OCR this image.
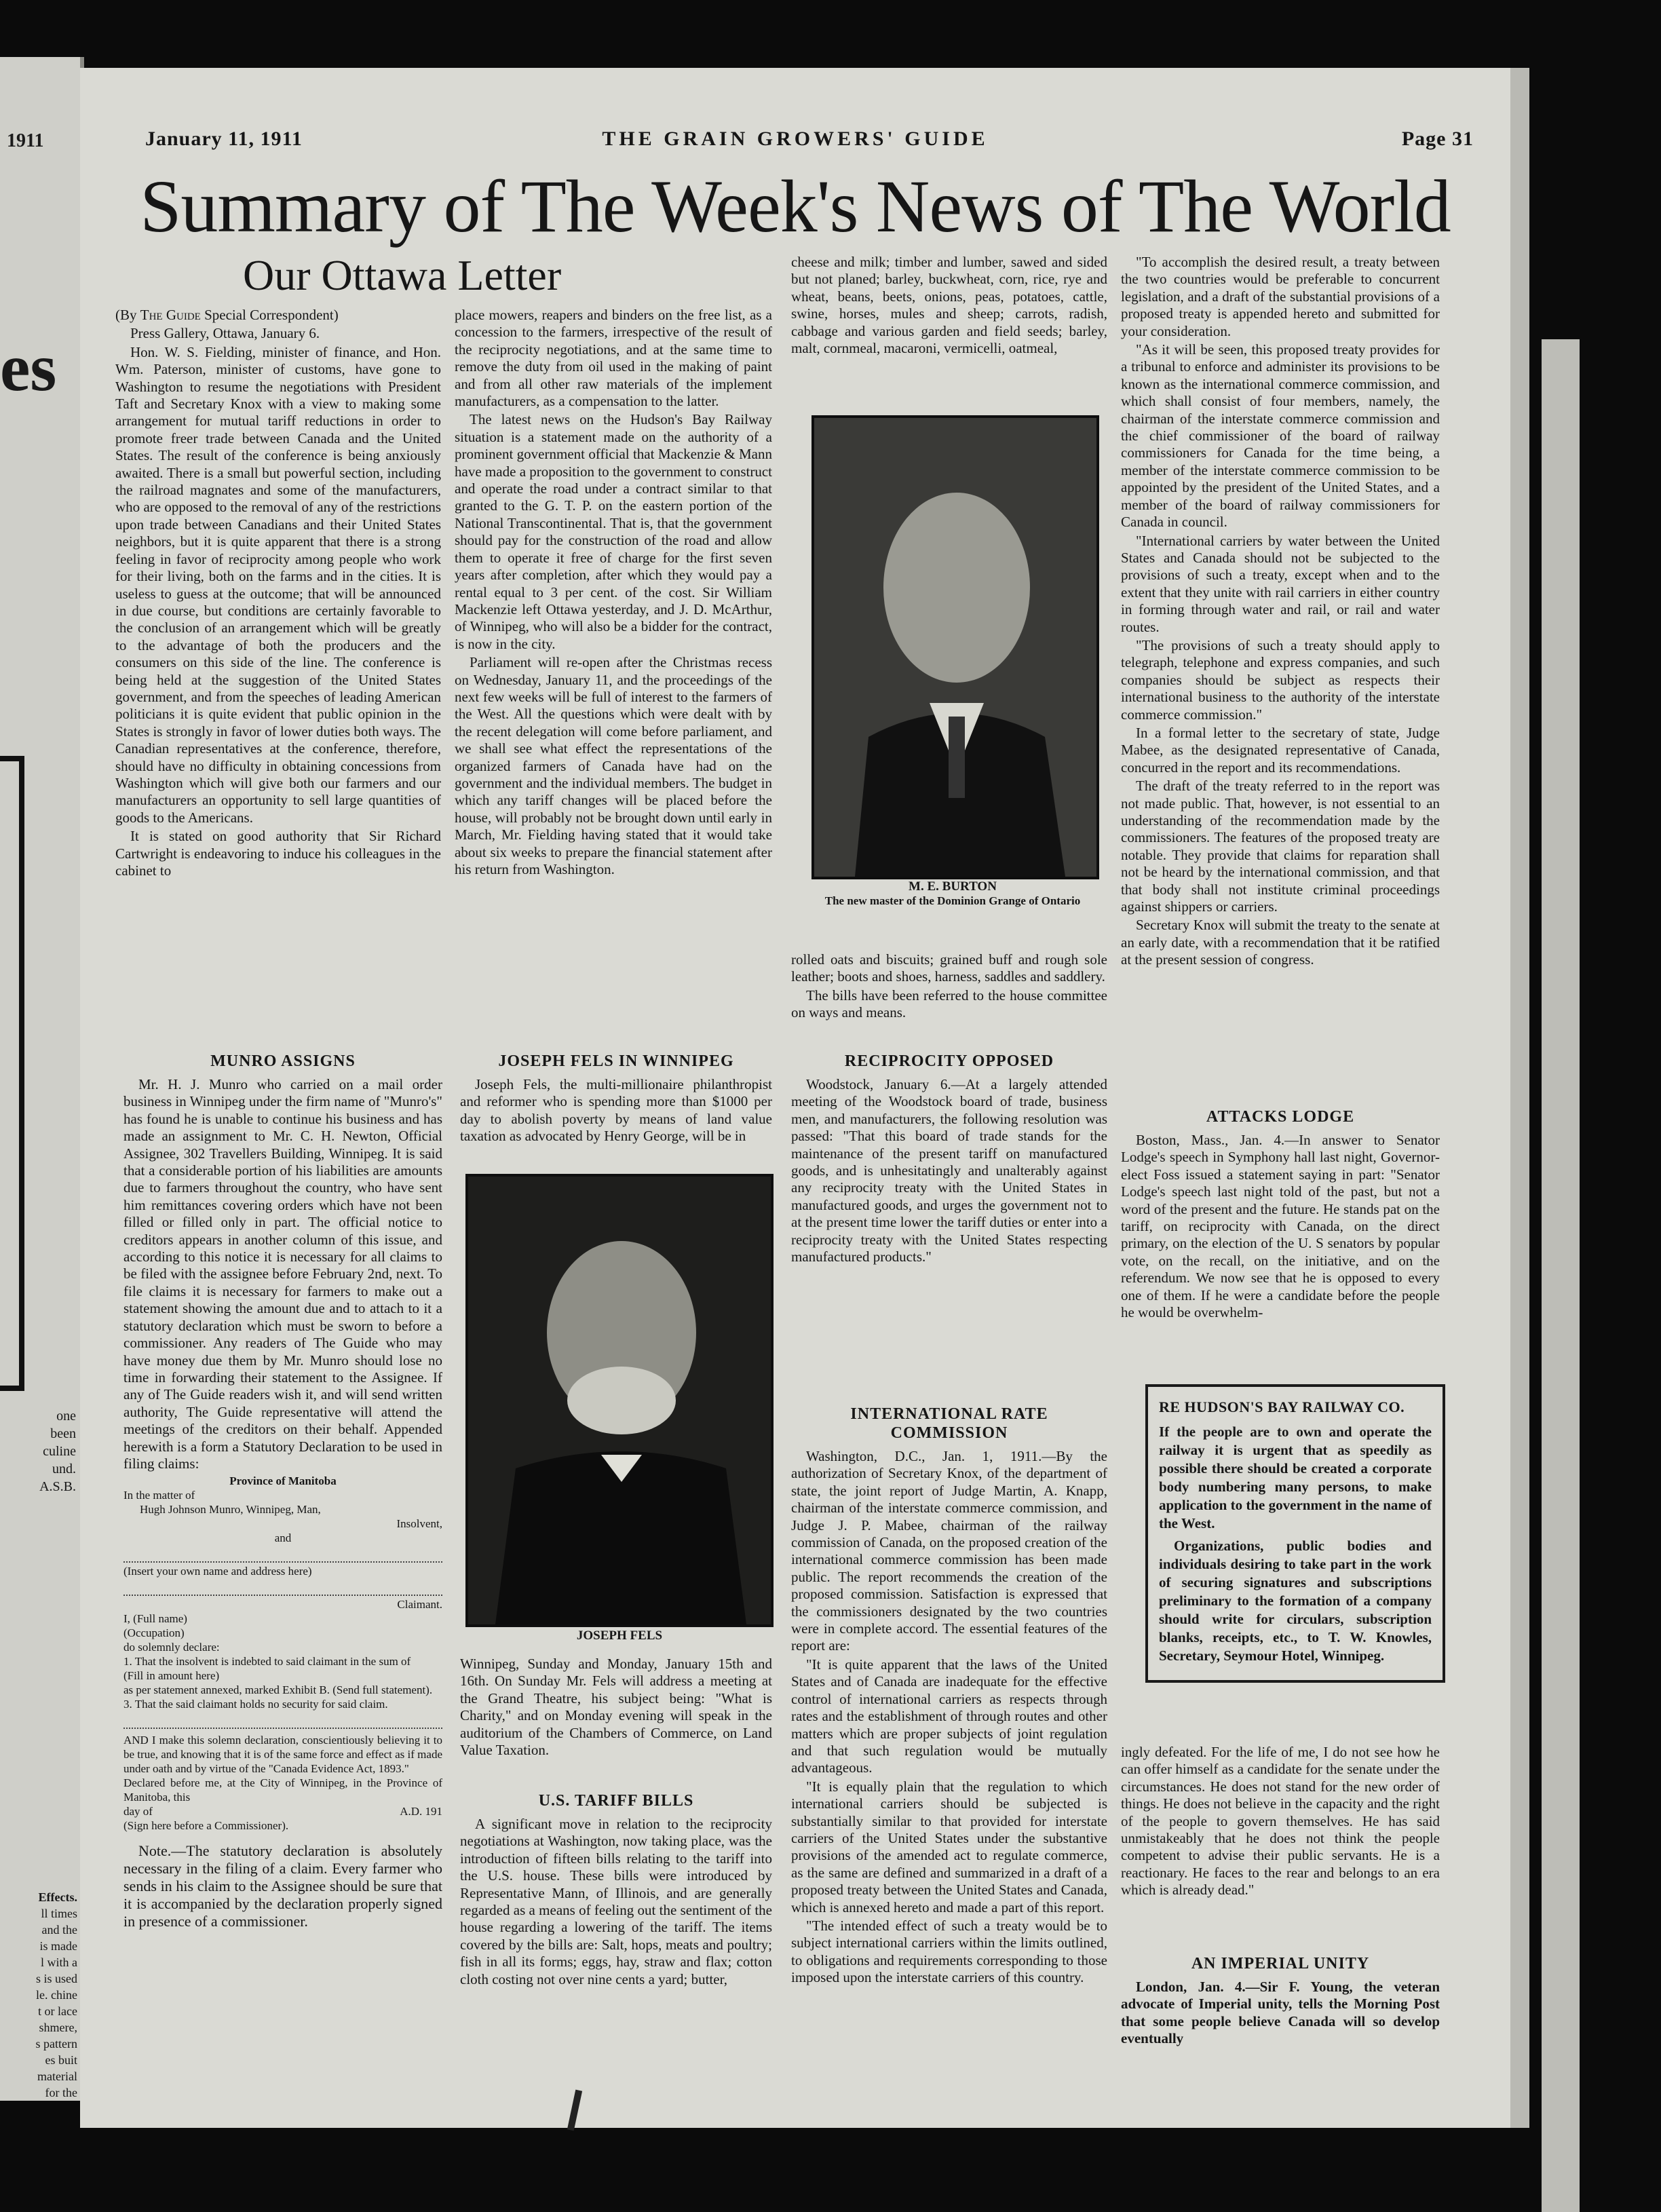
1911
es
one
been
culine
und.
A.S.B.
Effects.
ll times
and the
is made
l with a
s is used
le. chine
t or lace
shmere,
s pattern
es buit
material
for the
January 11, 1911	THE GRAIN GROWERS' GUIDE	Page 31
Summary of The Week's News of The World
Our Ottawa Letter

(By The Guide Special Correspondent)

Press Gallery, Ottawa, January 6.

Hon. W. S. Fielding, minister of finance, and Hon. Wm. Paterson, minister of customs, have gone to Washington to resume the negotiations with President Taft and Secretary Knox with a view to making some arrangement for mutual tariff reductions in order to promote freer trade between Canada and the United States. The result of the conference is being anxiously awaited. There is a small but powerful section, including the railroad magnates and some of the manufacturers, who are opposed to the removal of any of the restrictions upon trade between Canadians and their United States neighbors, but it is quite apparent that there is a strong feeling in favor of reciprocity among people who work for their living, both on the farms and in the cities. It is useless to guess at the outcome; that will be announced in due course, but conditions are certainly favorable to the conclusion of an arrangement which will be greatly to the advantage of both the producers and the consumers on this side of the line. The conference is being held at the suggestion of the United States government, and from the speeches of leading American politicians it is quite evident that public opinion in the States is strongly in favor of lower duties both ways. The Canadian representatives at the conference, therefore, should have no difficulty in obtaining concessions from Washington which will give both our farmers and our manufacturers an opportunity to sell large quantities of goods to the Americans.

It is stated on good authority that Sir Richard Cartwright is endeavoring to induce his colleagues in the cabinet to

place mowers, reapers and binders on the free list, as a concession to the farmers, irrespective of the result of the reciprocity negotiations, and at the same time to remove the duty from oil used in the making of paint and from all other raw materials of the implement manufacturers, as a compensation to the latter.

The latest news on the Hudson's Bay Railway situation is a statement made on the authority of a prominent government official that Mackenzie & Mann have made a proposition to the government to construct and operate the road under a contract similar to that granted to the G. T. P. on the eastern portion of the National Transcontinental. That is, that the government should pay for the construction of the road and allow them to operate it free of charge for the first seven years after completion, after which they would pay a rental equal to 3 per cent. of the cost. Sir William Mackenzie left Ottawa yesterday, and J. D. McArthur, of Winnipeg, who will also be a bidder for the contract, is now in the city.

Parliament will re-open after the Christmas recess on Wednesday, January 11, and the proceedings of the next few weeks will be full of interest to the farmers of the West. All the questions which were dealt with by the recent delegation will come before parliament, and we shall see what effect the representations of the organized farmers of Canada have had on the government and the individual members. The budget in which any tariff changes will be placed before the house, will probably not be brought down until early in March, Mr. Fielding having stated that it would take about six weeks to prepare the financial statement after his return from Washington.

cheese and milk; timber and lumber, sawed and sided but not planed; barley, buckwheat, corn, rice, rye and wheat, beans, beets, onions, peas, potatoes, cattle, swine, horses, mules and sheep; carrots, radish, cabbage and various garden and field seeds; barley, malt, cornmeal, macaroni, vermicelli, oatmeal,

M. E. BURTON
The new master of the Dominion Grange of Ontario

rolled oats and biscuits; grained buff and rough sole leather; boots and shoes, harness, saddles and saddlery.

The bills have been referred to the house committee on ways and means.

RECIPROCITY OPPOSED

Woodstock, January 6.—At a largely attended meeting of the Woodstock board of trade, business men, and manufacturers, the following resolution was passed: "That this board of trade stands for the maintenance of the present tariff on manufactured goods, and is unhesitatingly and unalterably against any reciprocity treaty with the United States in manufactured goods, and urges the government not to at the present time lower the tariff duties or enter into a reciprocity treaty with the United States respecting manufactured products."

INTERNATIONAL RATE COMMISSION

Washington, D.C., Jan. 1, 1911.—By the authorization of Secretary Knox, of the department of state, the joint report of Judge Martin, A. Knapp, chairman of the interstate commerce commission, and Judge J. P. Mabee, chairman of the railway commission of Canada, on the proposed creation of the international commerce commission has been made public. The report recommends the creation of the proposed commission. Satisfaction is expressed that the commissioners designated by the two countries were in complete accord. The essential features of the report are:

"It is quite apparent that the laws of the United States and of Canada are inadequate for the effective control of international carriers as respects through rates and the establishment of through routes and other matters which are proper subjects of joint regulation and that such regulation would be mutually advantageous.

"It is equally plain that the regulation to which international carriers should be subjected is substantially similar to that provided for interstate carriers of the United States under the substantive provisions of the amended act to regulate commerce, as the same are defined and summarized in a draft of a proposed treaty between the United States and Canada, which is annexed hereto and made a part of this report.

"The intended effect of such a treaty would be to subject international carriers within the limits outlined, to obligations and requirements corresponding to those imposed upon the interstate carriers of this country.

"To accomplish the desired result, a treaty between the two countries would be preferable to concurrent legislation, and a draft of the substantial provisions of a proposed treaty is appended hereto and submitted for your consideration.

"As it will be seen, this proposed treaty provides for a tribunal to enforce and administer its provisions to be known as the international commerce commission, and which shall consist of four members, namely, the chairman of the interstate commerce commission and the chief commissioner of the board of railway commissioners for Canada for the time being, a member of the interstate commerce commission to be appointed by the president of the United States, and a member of the board of railway commissioners for Canada in council.

"International carriers by water between the United States and Canada should not be subjected to the provisions of such a treaty, except when and to the extent that they unite with rail carriers in either country in forming through water and rail, or rail and water routes.

"The provisions of such a treaty should apply to telegraph, telephone and express companies, and such companies should be subject as respects their international business to the authority of the interstate commerce commission."

In a formal letter to the secretary of state, Judge Mabee, as the designated representative of Canada, concurred in the report and its recommendations.

The draft of the treaty referred to in the report was not made public. That, however, is not essential to an understanding of the recommendation made by the commissioners. The features of the proposed treaty are notable. They provide that claims for reparation shall not be heard by the international commission, and that that body shall not institute criminal proceedings against shippers or carriers.

Secretary Knox will submit the treaty to the senate at an early date, with a recommendation that it be ratified at the present session of congress.

ATTACKS LODGE

Boston, Mass., Jan. 4.—In answer to Senator Lodge's speech in Symphony hall last night, Governor-elect Foss issued a statement saying in part: "Senator Lodge's speech last night told of the past, but not a word of the present and the future. He stands pat on the tariff, on reciprocity with Canada, on the direct primary, on the election of the U. S senators by popular vote, on the recall, on the initiative, and on the referendum. We now see that he is opposed to every one of them. If he were a candidate before the people he would be overwhelm-

RE HUDSON'S BAY RAILWAY CO.

If the people are to own and operate the railway it is urgent that as speedily as possible there should be created a corporate body numbering many persons, to make application to the government in the name of the West.

Organizations, public bodies and individuals desiring to take part in the work of securing signatures and subscriptions preliminary to the formation of a company should write for circulars, subscription blanks, receipts, etc., to T. W. Knowles, Secretary, Seymour Hotel, Winnipeg.

ingly defeated. For the life of me, I do not see how he can offer himself as a candidate for the senate under the circumstances. He does not stand for the new order of things. He does not believe in the capacity and the right of the people to govern themselves. He has said unmistakeably that he does not think the people competent to advise their public servants. He is a reactionary. He faces to the rear and belongs to an era which is already dead."

AN IMPERIAL UNITY

London, Jan. 4.—Sir F. Young, the veteran advocate of Imperial unity, tells the Morning Post that some people believe Canada will so develop eventually

MUNRO ASSIGNS

Mr. H. J. Munro who carried on a mail order business in Winnipeg under the firm name of "Munro's" has found he is unable to continue his business and has made an assignment to Mr. C. H. Newton, Official Assignee, 302 Travellers Building, Winnipeg. It is said that a considerable portion of his liabilities are amounts due to farmers throughout the country, who have sent him remittances covering orders which have not been filled or filled only in part. The official notice to creditors appears in another column of this issue, and according to this notice it is necessary for all claims to be filed with the assignee before February 2nd, next. To file claims it is necessary for farmers to make out a statement showing the amount due and to attach to it a statutory declaration which must be sworn to before a commissioner. Any readers of The Guide who may have money due them by Mr. Munro should lose no time in forwarding their statement to the Assignee. If any of The Guide readers wish it, and will send written authority, The Guide representative will attend the meetings of the creditors on their behalf. Appended herewith is a form a Statutory Declaration to be used in filing claims:

Province of Manitoba
In the matter of
Hugh Johnson Munro, Winnipeg, Man,
Insolvent,
and
(Insert your own name and address here)
Claimant.
I, (Full name)
(Occupation)
do solemnly declare:
1. That the insolvent is indebted to said claimant in the sum of
(Fill in amount here)
as per statement annexed, marked Exhibit B. (Send full statement).
3. That the said claimant holds no security for said claim.
AND I make this solemn declaration, conscientiously believing it to be true, and knowing that it is of the same force and effect as if made under oath and by virtue of the "Canada Evidence Act, 1893."
Declared before me, at the City of Winnipeg, in the Province of Manitoba, this
day of	A.D. 191
(Sign here before a Commissioner).

Note.—The statutory declaration is absolutely necessary in the filing of a claim. Every farmer who sends in his claim to the Assignee should be sure that it is accompanied by the declaration properly signed in presence of a commissioner.

JOSEPH FELS IN WINNIPEG

Joseph Fels, the multi-millionaire philanthropist and reformer who is spending more than $1000 per day to abolish poverty by means of land value taxation as advocated by Henry George, will be in

JOSEPH FELS

Winnipeg, Sunday and Monday, January 15th and 16th. On Sunday Mr. Fels will address a meeting at the Grand Theatre, his subject being: "What is Charity," and on Monday evening will speak in the auditorium of the Chambers of Commerce, on Land Value Taxation.

U.S. TARIFF BILLS

A significant move in relation to the reciprocity negotiations at Washington, now taking place, was the introduction of fifteen bills relating to the tariff into the U.S. house. These bills were introduced by Representative Mann, of Illinois, and are generally regarded as a means of feeling out the sentiment of the house regarding a lowering of the tariff. The items covered by the bills are: Salt, hops, meats and poultry; fish in all its forms; eggs, hay, straw and flax; cotton cloth costing not over nine cents a yard; butter,
